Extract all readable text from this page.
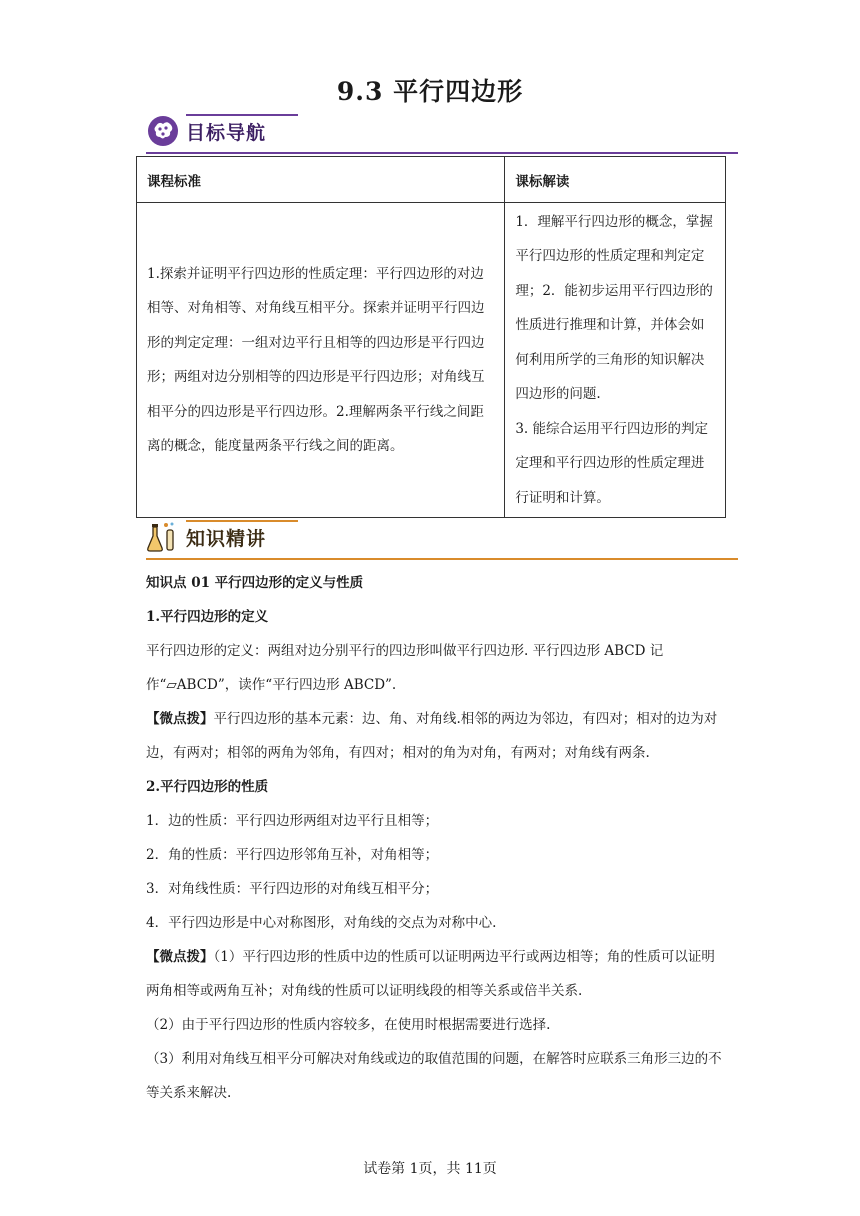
9.3 平行四边形
目标导航
课程标准	课标解读
1.探索并证明平行四边形的性质定理：平行四边形的对边相等、对角相等、对角线互相平分。探索并证明平行四边形的判定定理：一组对边平行且相等的四边形是平行四边形；两组对边分别相等的四边形是平行四边形；对角线互相平分的四边形是平行四边形。2.理解两条平行线之间距离的概念，能度量两条平行线之间的距离。	1．理解平行四边形的概念，掌握平行四边形的性质定理和判定定理；2．能初步运用平行四边形的性质进行推理和计算，并体会如何利用所学的三角形的知识解决四边形的问题.
3. 能综合运用平行四边形的判定定理和平行四边形的性质定理进行证明和计算。
知识精讲

知识点 01 平行四边形的定义与性质

1.平行四边形的定义

平行四边形的定义：两组对边分别平行的四边形叫做平行四边形. 平行四边形 ABCD 记作“▱ABCD”，读作“平行四边形 ABCD”.

【微点拨】平行四边形的基本元素：边、角、对角线.相邻的两边为邻边，有四对；相对的边为对边，有两对；相邻的两角为邻角，有四对；相对的角为对角，有两对；对角线有两条.

2.平行四边形的性质

1．边的性质：平行四边形两组对边平行且相等；

2．角的性质：平行四边形邻角互补，对角相等；

3．对角线性质：平行四边形的对角线互相平分；

4．平行四边形是中心对称图形，对角线的交点为对称中心.

【微点拨】（1）平行四边形的性质中边的性质可以证明两边平行或两边相等；角的性质可以证明两角相等或两角互补；对角线的性质可以证明线段的相等关系或倍半关系.

（2）由于平行四边形的性质内容较多，在使用时根据需要进行选择.

（3）利用对角线互相平分可解决对角线或边的取值范围的问题，在解答时应联系三角形三边的不等关系来解决.

试卷第 1页，共 11页
